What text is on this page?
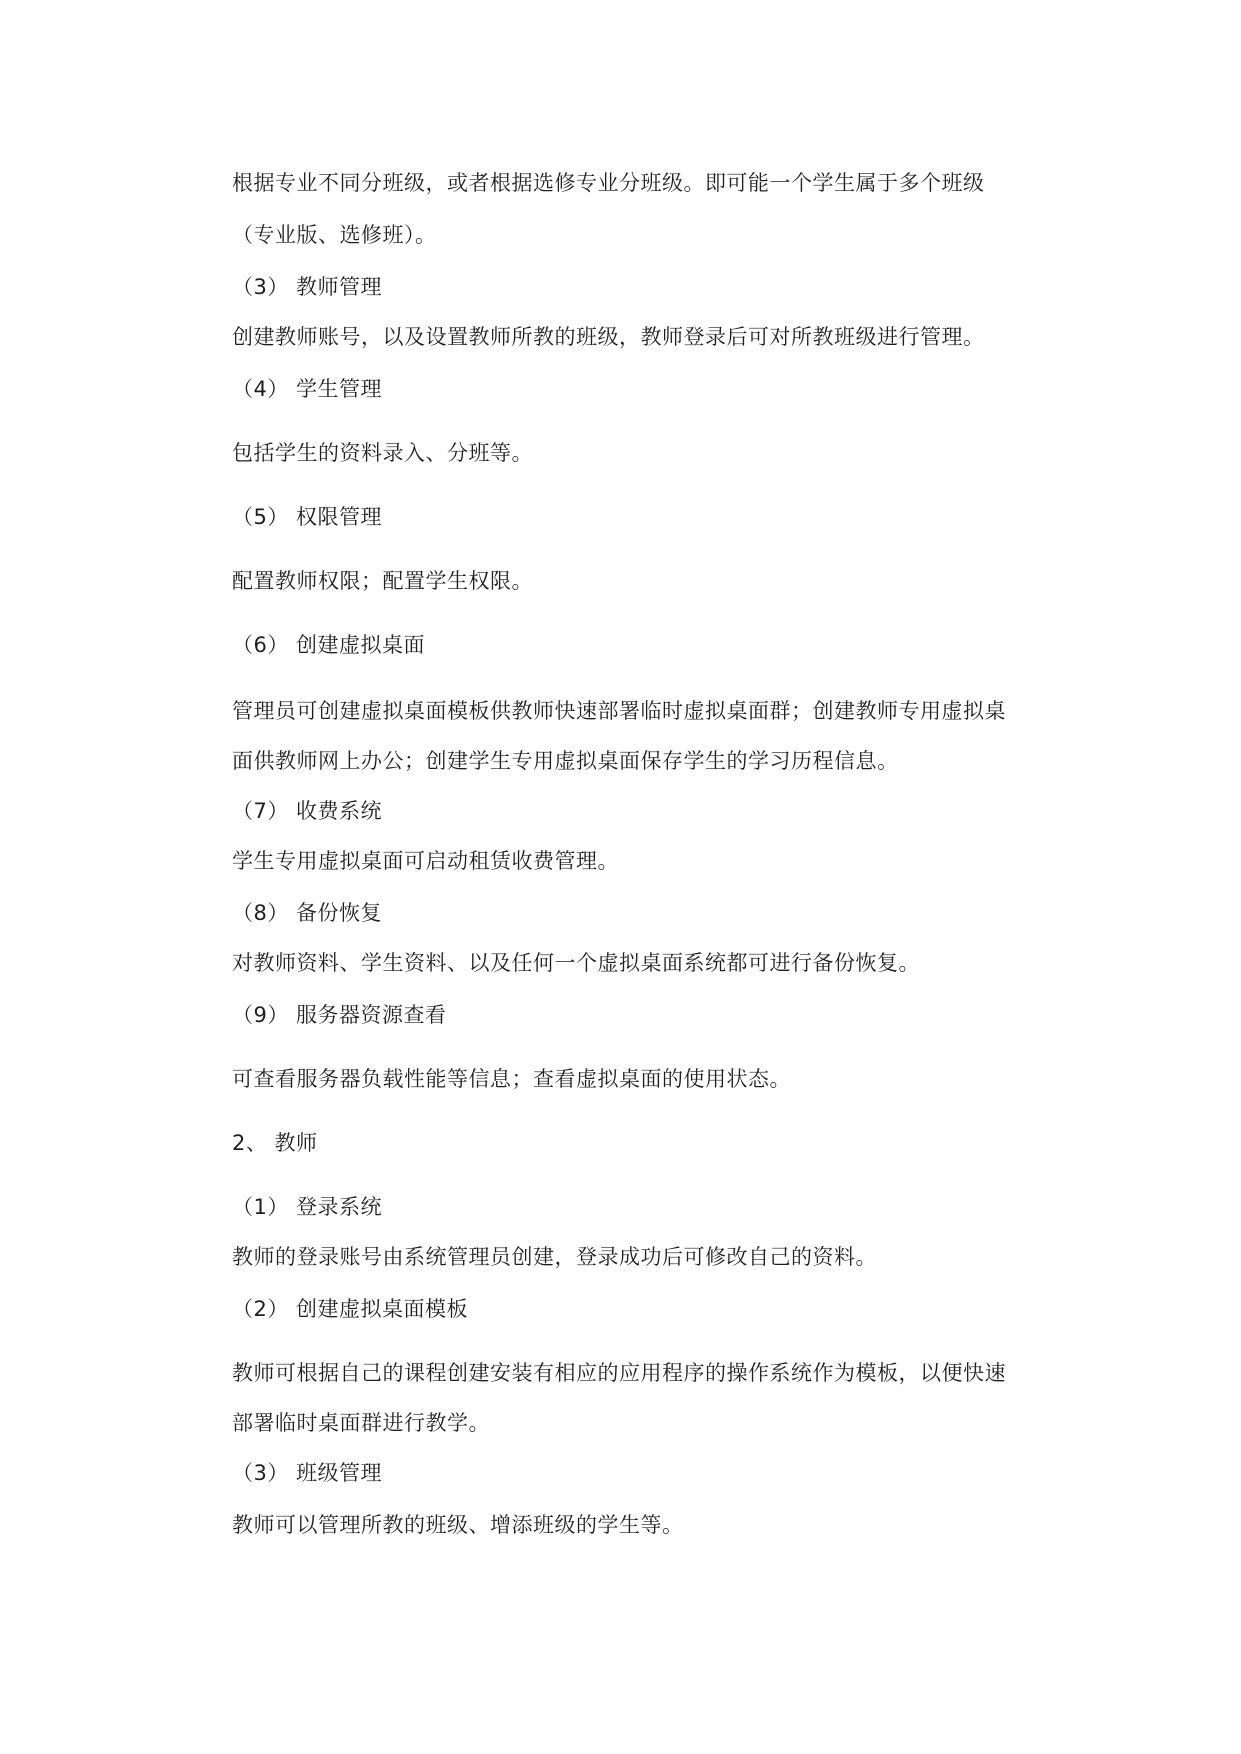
根据专业不同分班级，或者根据选修专业分班级。即可能一个学生属于多个班级
（专业版、选修班）。
（3） 教师管理
创建教师账号，以及设置教师所教的班级，教师登录后可对所教班级进行管理。
（4） 学生管理
包括学生的资料录入、分班等。
（5） 权限管理
配置教师权限；配置学生权限。
（6） 创建虚拟桌面
管理员可创建虚拟桌面模板供教师快速部署临时虚拟桌面群；创建教师专用虚拟桌
面供教师网上办公；创建学生专用虚拟桌面保存学生的学习历程信息。
（7） 收费系统
学生专用虚拟桌面可启动租赁收费管理。
（8） 备份恢复
对教师资料、学生资料、以及任何一个虚拟桌面系统都可进行备份恢复。
（9） 服务器资源查看
可查看服务器负载性能等信息；查看虚拟桌面的使用状态。
2、 教师
（1） 登录系统
教师的登录账号由系统管理员创建，登录成功后可修改自己的资料。
（2） 创建虚拟桌面模板
教师可根据自己的课程创建安装有相应的应用程序的操作系统作为模板，以便快速
部署临时桌面群进行教学。
（3） 班级管理
教师可以管理所教的班级、增添班级的学生等。
